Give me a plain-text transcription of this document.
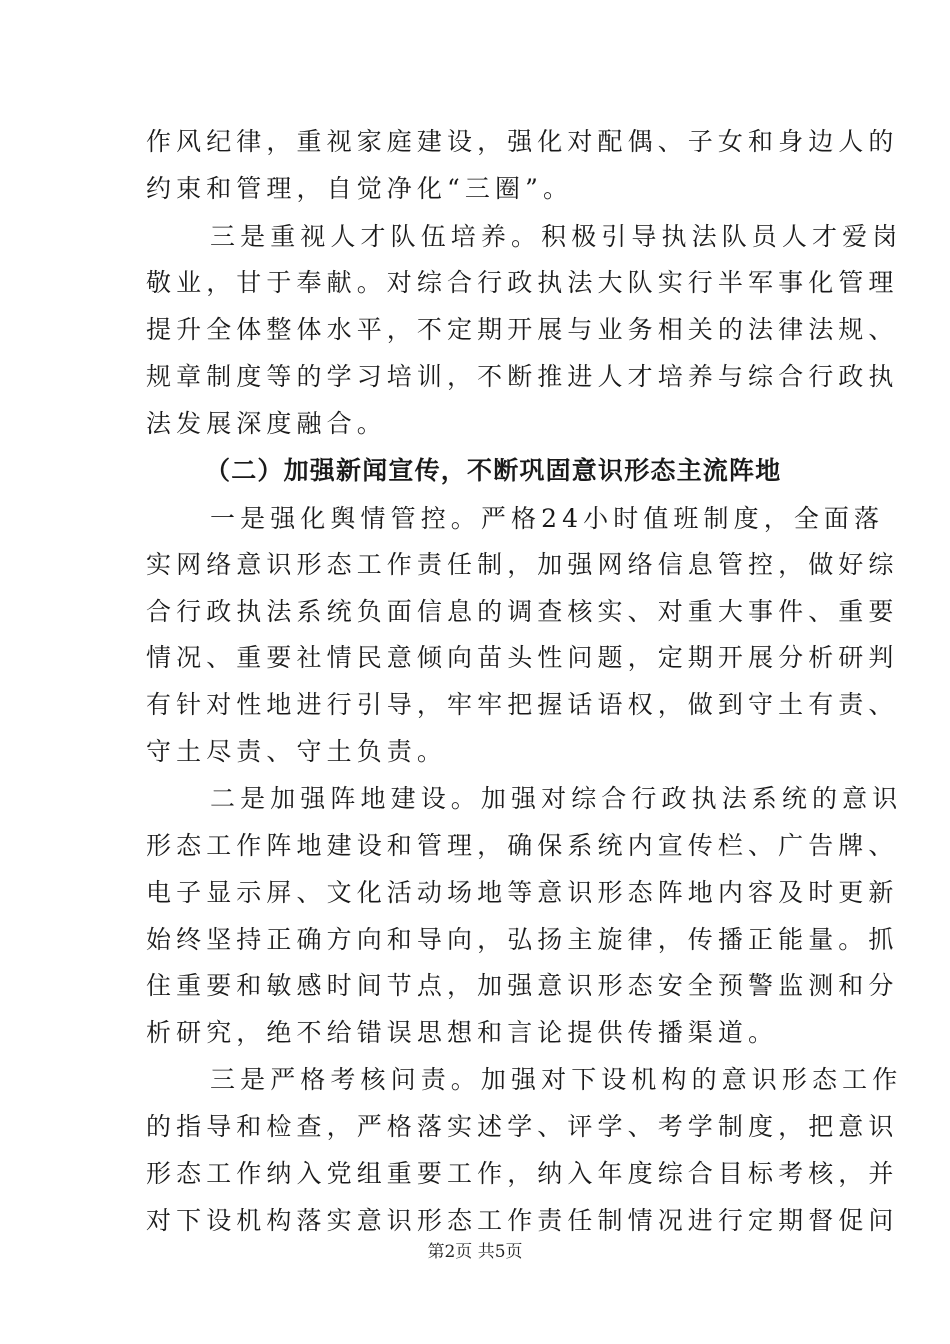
作风纪律，重视家庭建设，强化对配偶、子女和身边人的
约束和管理，自觉净化“三圈”。
三是重视人才队伍培养。积极引导执法队员人才爱岗
敬业，甘于奉献。对综合行政执法大队实行半军事化管理
提升全体整体水平，不定期开展与业务相关的法律法规、
规章制度等的学习培训，不断推进人才培养与综合行政执
法发展深度融合。
（二）加强新闻宣传，不断巩固意识形态主流阵地
一是强化舆情管控。严格24小时值班制度，全面落
实网络意识形态工作责任制，加强网络信息管控，做好综
合行政执法系统负面信息的调查核实、对重大事件、重要
情况、重要社情民意倾向苗头性问题，定期开展分析研判
有针对性地进行引导，牢牢把握话语权，做到守土有责、
守土尽责、守土负责。
二是加强阵地建设。加强对综合行政执法系统的意识
形态工作阵地建设和管理，确保系统内宣传栏、广告牌、
电子显示屏、文化活动场地等意识形态阵地内容及时更新
始终坚持正确方向和导向，弘扬主旋律，传播正能量。抓
住重要和敏感时间节点，加强意识形态安全预警监测和分
析研究，绝不给错误思想和言论提供传播渠道。
三是严格考核问责。加强对下设机构的意识形态工作
的指导和检查，严格落实述学、评学、考学制度，把意识
形态工作纳入党组重要工作，纳入年度综合目标考核，并
对下设机构落实意识形态工作责任制情况进行定期督促问
第2页 共5页
